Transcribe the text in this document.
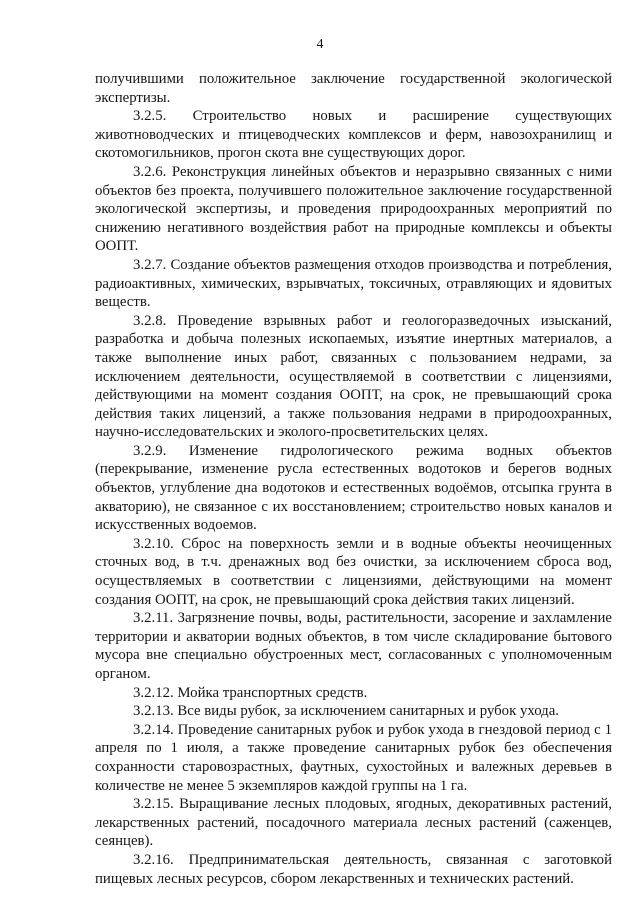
4

получившими положительное заключение государственной экологической экспертизы.

3.2.5. Строительство новых и расширение существующих животноводческих и птицеводческих комплексов и ферм, навозохранилищ и скотомогильников, прогон скота вне существующих дорог.

3.2.6. Реконструкция линейных объектов и неразрывно связанных с ними объектов без проекта, получившего положительное заключение государственной экологической экспертизы, и проведения природоохранных мероприятий по снижению негативного воздействия работ на природные комплексы и объекты ООПТ.

3.2.7. Создание объектов размещения отходов производства и потребления, радиоактивных, химических, взрывчатых, токсичных, отравляющих и ядовитых веществ.

3.2.8. Проведение взрывных работ и геологоразведочных изысканий, разработка и добыча полезных ископаемых, изъятие инертных материалов, а также выполнение иных работ, связанных с пользованием недрами, за исключением деятельности, осуществляемой в соответствии с лицензиями, действующими на момент создания ООПТ, на срок, не превышающий срока действия таких лицензий, а также пользования недрами в природоохранных, научно-исследовательских и эколого-просветительских целях.

3.2.9. Изменение гидрологического режима водных объектов (перекрывание, изменение русла естественных водотоков и берегов водных объектов, углубление дна водотоков и естественных водоёмов, отсыпка грунта в акваторию), не связанное с их восстановлением; строительство новых каналов и искусственных водоемов.

3.2.10. Сброс на поверхность земли и в водные объекты неочищенных сточных вод, в т.ч. дренажных вод без очистки, за исключением сброса вод, осуществляемых в соответствии с лицензиями, действующими на момент создания ООПТ, на срок, не превышающий срока действия таких лицензий.

3.2.11. Загрязнение почвы, воды, растительности, засорение и захламление территории и акватории водных объектов, в том числе складирование бытового мусора вне специально обустроенных мест, согласованных с уполномоченным органом.

3.2.12. Мойка транспортных средств.

3.2.13. Все виды рубок, за исключением санитарных и рубок ухода.

3.2.14. Проведение санитарных рубок и рубок ухода в гнездовой период с 1 апреля по 1 июля, а также проведение санитарных рубок без обеспечения сохранности старовозрастных, фаутных, сухостойных и валежных деревьев в количестве не менее 5 экземпляров каждой группы на 1 га.

3.2.15. Выращивание лесных плодовых, ягодных, декоративных растений, лекарственных растений, посадочного материала лесных растений (саженцев, сеянцев).

3.2.16. Предпринимательская деятельность, связанная с заготовкой пищевых лесных ресурсов, сбором лекарственных и технических растений.
